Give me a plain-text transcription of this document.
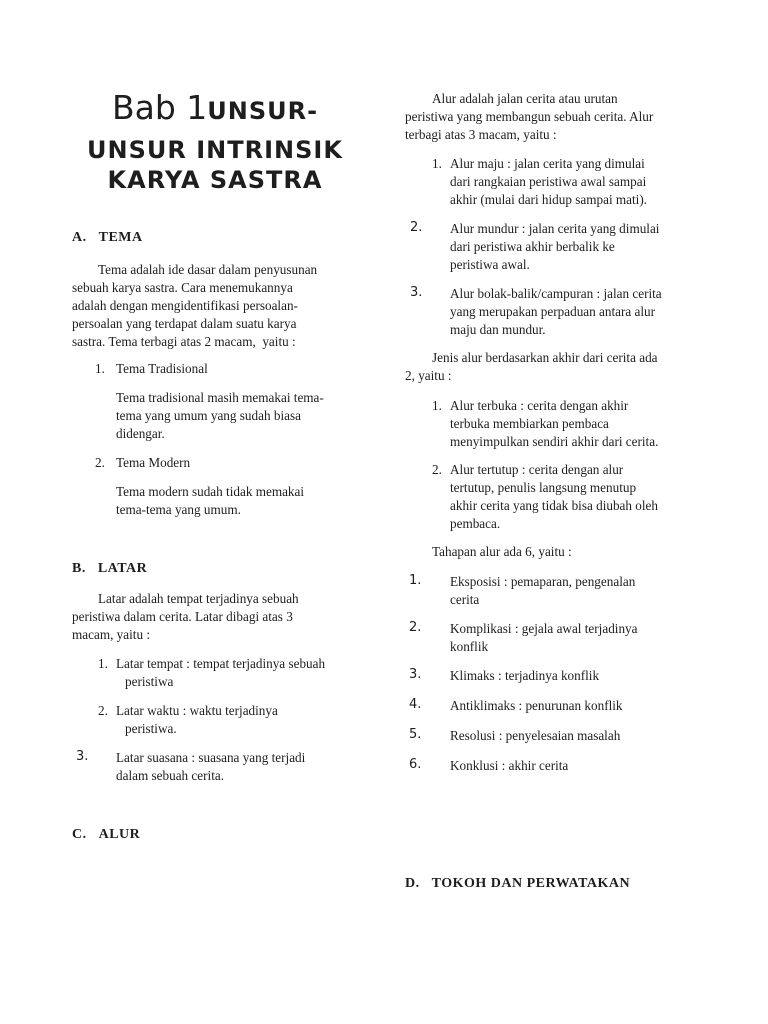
Bab 1UNSUR-
UNSUR INTRINSIK
KARYA SASTRA
A.   TEMA
Tema adalah ide dasar dalam penyusunan
sebuah karya sastra. Cara menemukannya
adalah dengan mengidentifikasi persoalan-
persoalan yang terdapat dalam suatu karya
sastra. Tema terbagi atas 2 macam,  yaitu :
1. Tema Tradisional
Tema tradisional masih memakai tema-
tema yang umum yang sudah biasa
didengar.
2. Tema Modern
Tema modern sudah tidak memakai
tema-tema yang umum.
B.   LATAR
Latar adalah tempat terjadinya sebuah
peristiwa dalam cerita. Latar dibagi atas 3
macam, yaitu :
1. Latar tempat : tempat terjadinya sebuah
peristiwa
2. Latar waktu : waktu terjadinya
peristiwa.
3. Latar suasana : suasana yang terjadi
dalam sebuah cerita.
C.   ALUR
Alur adalah jalan cerita atau urutan
peristiwa yang membangun sebuah cerita. Alur
terbagi atas 3 macam, yaitu :
1. Alur maju : jalan cerita yang dimulai
dari rangkaian peristiwa awal sampai
akhir (mulai dari hidup sampai mati).
2. Alur mundur : jalan cerita yang dimulai
dari peristiwa akhir berbalik ke
peristiwa awal.
3. Alur bolak-balik/campuran : jalan cerita
yang merupakan perpaduan antara alur
maju dan mundur.
Jenis alur berdasarkan akhir dari cerita ada
2, yaitu :
1. Alur terbuka : cerita dengan akhir
terbuka membiarkan pembaca
menyimpulkan sendiri akhir dari cerita.
2. Alur tertutup : cerita dengan alur
tertutup, penulis langsung menutup
akhir cerita yang tidak bisa diubah oleh
pembaca.
Tahapan alur ada 6, yaitu :
1. Eksposisi : pemaparan, pengenalan
cerita
2. Komplikasi : gejala awal terjadinya
konflik
3. Klimaks : terjadinya konflik
4. Antiklimaks : penurunan konflik
5. Resolusi : penyelesaian masalah
6. Konklusi : akhir cerita
D.   TOKOH DAN PERWATAKAN
